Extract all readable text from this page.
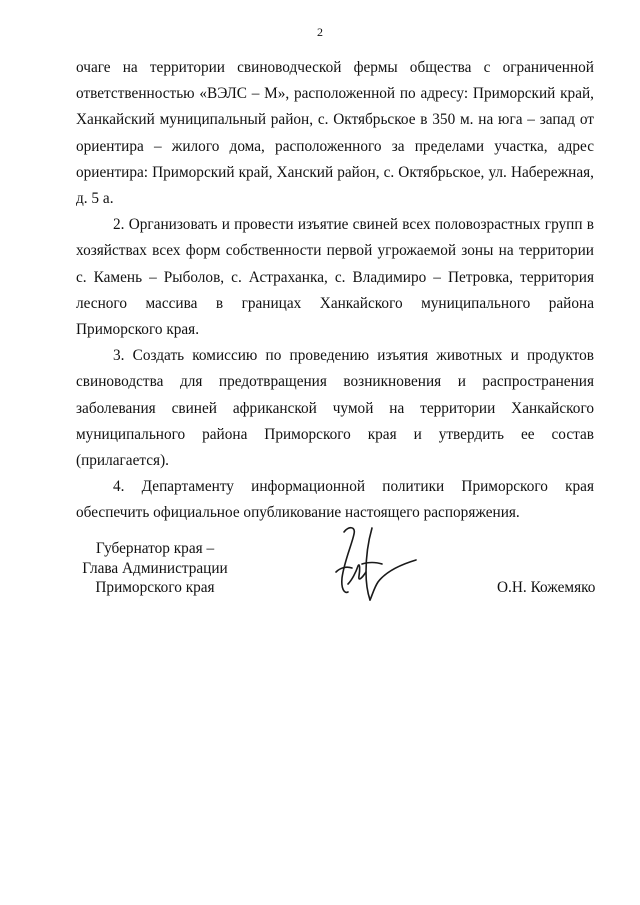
2

очаге на территории свиноводческой фермы общества с ограниченной ответственностью «ВЭЛС – М», расположенной по адресу: Приморский край, Ханкайский муниципальный район, с. Октябрьское в 350 м. на юга – запад от ориентира – жилого дома, расположенного за пределами участка, адрес ориентира: Приморский край, Ханский район, с. Октябрьское, ул. Набережная, д. 5 а.

2. Организовать и провести изъятие свиней всех половозрастных групп в хозяйствах всех форм собственности первой угрожаемой зоны на территории с. Камень – Рыболов, с. Астраханка, с. Владимиро – Петровка, территория лесного массива в границах Ханкайского муниципального района Приморского края.

3. Создать комиссию по проведению изъятия животных и продуктов свиноводства для предотвращения возникновения и распространения заболевания свиней африканской чумой на территории Ханкайского муниципального района Приморского края и утвердить ее состав (прилагается).

4. Департаменту информационной политики Приморского края обеспечить официальное опубликование настоящего распоряжения.

Губернатор края –
Глава Администрации
Приморского края	О.Н. Кожемяко
